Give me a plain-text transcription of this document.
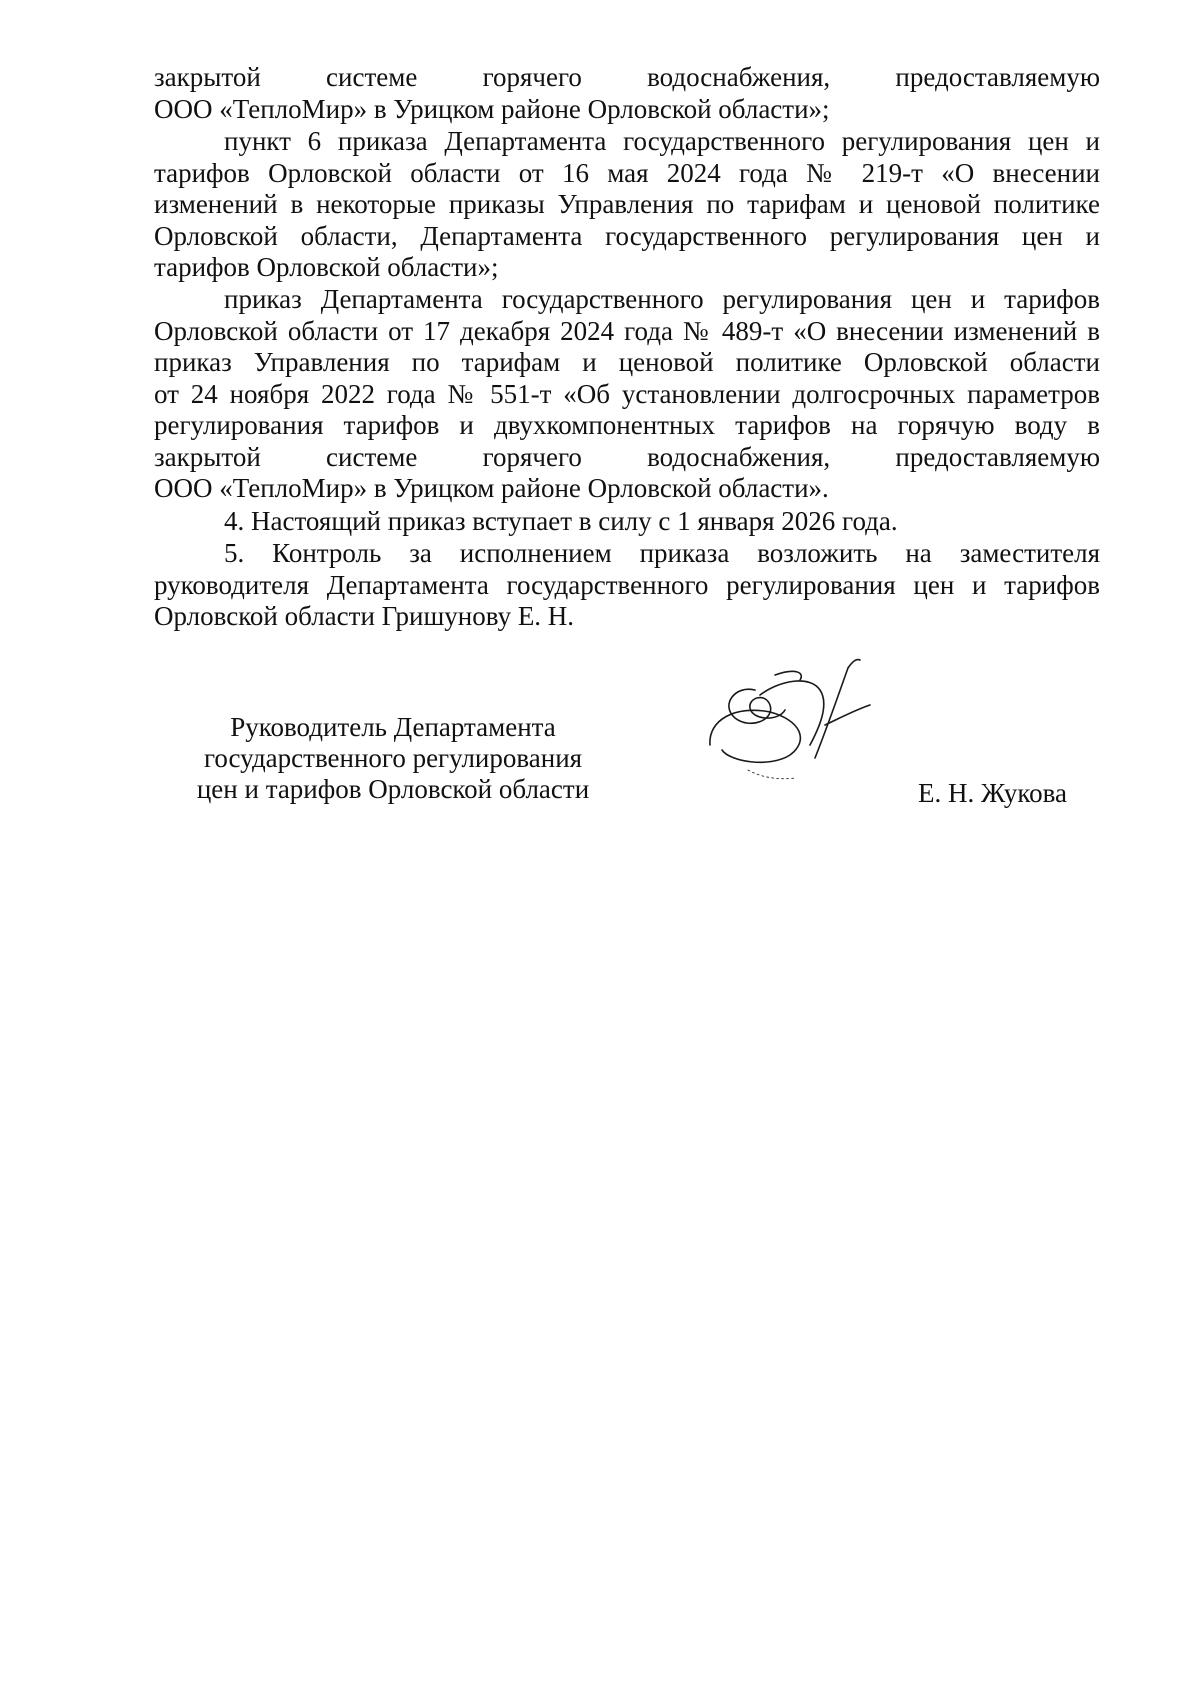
закрытой системе горячего водоснабжения, предоставляемую
ООО «ТеплоМир» в Урицком районе Орловской области»;
пункт 6 приказа Департамента государственного регулирования цен и
тарифов Орловской области от 16 мая 2024 года № 219-т «О внесении
изменений в некоторые приказы Управления по тарифам и ценовой политике
Орловской области, Департамента государственного регулирования цен и
тарифов Орловской области»;
приказ Департамента государственного регулирования цен и тарифов
Орловской области от 17 декабря 2024 года № 489-т «О внесении изменений в
приказ Управления по тарифам и ценовой политике Орловской области
от 24 ноября 2022 года № 551-т «Об установлении долгосрочных параметров
регулирования тарифов и двухкомпонентных тарифов на горячую воду в
закрытой системе горячего водоснабжения, предоставляемую
ООО «ТеплоМир» в Урицком районе Орловской области».
4. Настоящий приказ вступает в силу с 1 января 2026 года.
5. Контроль за исполнением приказа возложить на заместителя
руководителя Департамента государственного регулирования цен и тарифов
Орловской области Гришунову Е. Н.
Руководитель Департамента
государственного регулирования
цен и тарифов Орловской области	Е. Н. Жукова
